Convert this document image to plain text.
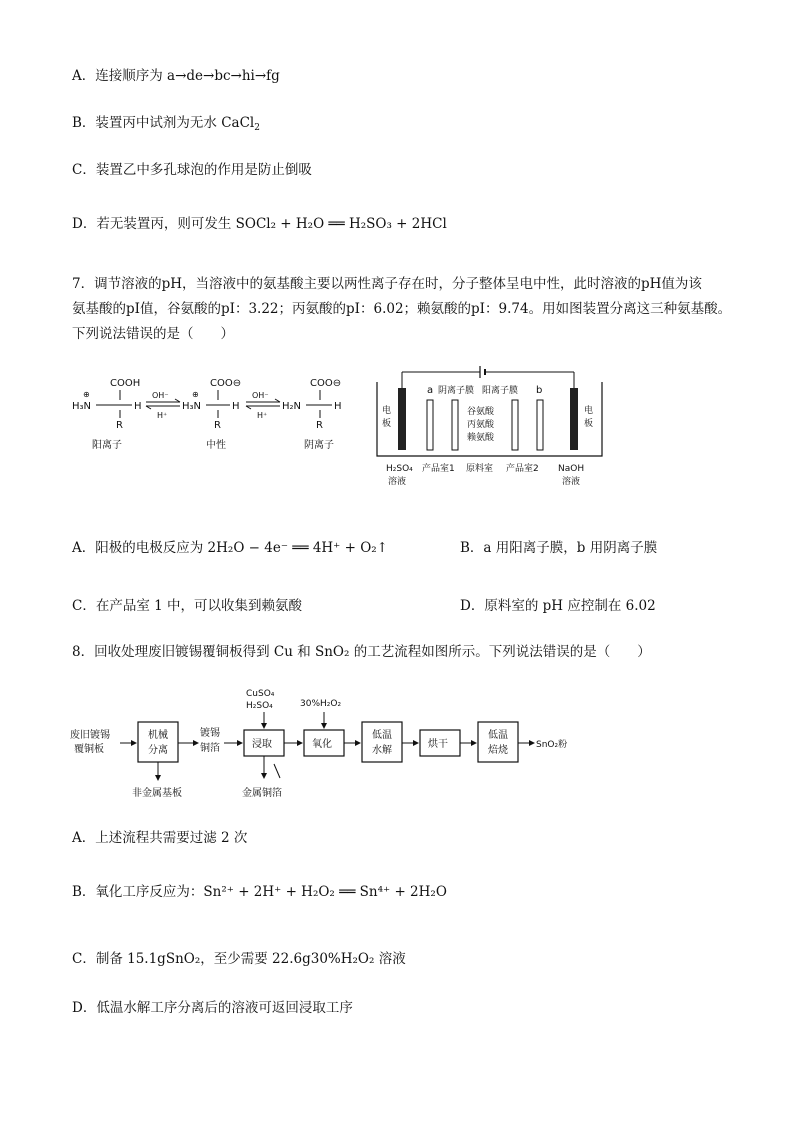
A．连接顺序为 a→de→bc→hi→fg
B．装置丙中试剂为无水 CaCl$_2$
C．装置乙中多孔球泡的作用是防止倒吸
D．若无装置丙，则可发生 SOCl₂ + H₂O ══ H₂SO₃ + 2HCl
7．调节溶液的pH，当溶液中的氨基酸主要以两性离子存在时，分子整体呈电中性，此时溶液的pH值为该
氨基酸的pI值，谷氨酸的pI：3.22；丙氨酸的pI：6.02；赖氨酸的pI：9.74。用如图装置分离这三种氨基酸。
下列说法错误的是（　　）
COOH
H₃N
⊕
H
R
阳离子
OH⁻
H⁺
COO⊖
H₃N
⊕
H
R
中性
OH⁻
H⁺
COO⊖
H₂N	H
R
阴离子
电
板
电
板
a 阴离子膜 阳离子膜 b
谷氨酸
丙氨酸
赖氨酸
H₂SO₄
溶液
产品室1 原料室 产品室2 NaOH
溶液
A．阳极的电极反应为 2H₂O − 4e⁻ ══ 4H⁺ + O₂↑	B．a 用阳离子膜，b 用阴离子膜
C．在产品室 1 中，可以收集到赖氨酸	D．原料室的 pH 应控制在 6.02
8．回收处理废旧镀锡覆铜板得到 Cu 和 SnO₂ 的工艺流程如图所示。下列说法错误的是（　　）
废旧镀锡
覆铜板
机械
分离
非金属基板
镀锡
铜箔	浸取
CuSO₄
H₂SO₄
金属铜箔
氧化
30%H₂O₂
低温
水解
烘干
低温
焙烧	SnO₂粉
A．上述流程共需要过滤 2 次
B．氧化工序反应为：Sn²⁺ + 2H⁺ + H₂O₂ ══ Sn⁴⁺ + 2H₂O
C．制备 15.1gSnO₂，至少需要 22.6g30%H₂O₂ 溶液
D．低温水解工序分离后的溶液可返回浸取工序
